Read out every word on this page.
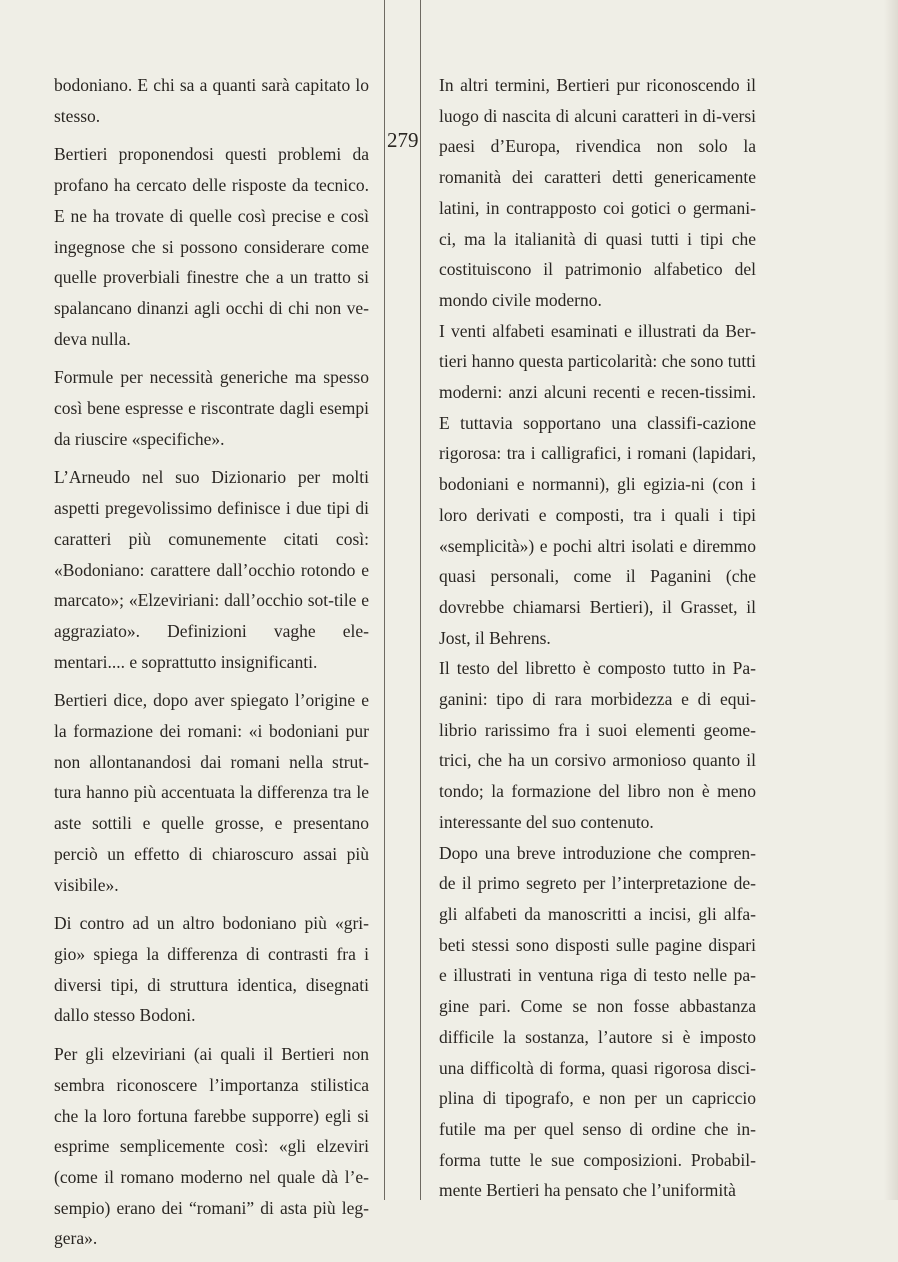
279

bodoniano. E chi sa a quanti sarà capitato lo stesso.

Bertieri proponendosi questi problemi da profano ha cercato delle risposte da tecnico. E ne ha trovate di quelle così precise e così ingegnose che si possono considerare come quelle proverbiali finestre che a un tratto si spalancano dinanzi agli occhi di chi non ve-deva nulla.

Formule per necessità generiche ma spesso così bene espresse e riscontrate dagli esempi da riuscire «specifiche».

L’Arneudo nel suo Dizionario per molti aspetti pregevolissimo definisce i due tipi di caratteri più comunemente citati così: «Bodoniano: carattere dall’occhio rotondo e marcato»; «Elzeviriani: dall’occhio sot-tile e aggraziato». Definizioni vaghe ele-mentari.... e soprattutto insignificanti.

Bertieri dice, dopo aver spiegato l’origine e la formazione dei romani: «i bodoniani pur non allontanandosi dai romani nella strut-tura hanno più accentuata la differenza tra le aste sottili e quelle grosse, e presentano perciò un effetto di chiaroscuro assai più visibile».

Di contro ad un altro bodoniano più «gri-gio» spiega la differenza di contrasti fra i diversi tipi, di struttura identica, disegnati dallo stesso Bodoni.

Per gli elzeviriani (ai quali il Bertieri non sembra riconoscere l’importanza stilistica che la loro fortuna farebbe supporre) egli si esprime semplicemente così: «gli elzeviri (come il romano moderno nel quale dà l’e-sempio) erano dei “romani” di asta più leg-gera».

In altri termini, Bertieri pur riconoscendo il luogo di nascita di alcuni caratteri in di-versi paesi d’Europa, rivendica non solo la romanità dei caratteri detti genericamente latini, in contrapposto coi gotici o germani-ci, ma la italianità di quasi tutti i tipi che costituiscono il patrimonio alfabetico del mondo civile moderno.

I venti alfabeti esaminati e illustrati da Ber-tieri hanno questa particolarità: che sono tutti moderni: anzi alcuni recenti e recen-tissimi. E tuttavia sopportano una classifi-cazione rigorosa: tra i calligrafici, i romani (lapidari, bodoniani e normanni), gli egizia-ni (con i loro derivati e composti, tra i quali i tipi «semplicità») e pochi altri isolati e diremmo quasi personali, come il Paganini (che dovrebbe chiamarsi Bertieri), il Grasset, il Jost, il Behrens.

Il testo del libretto è composto tutto in Pa-ganini: tipo di rara morbidezza e di equi-librio rarissimo fra i suoi elementi geome-trici, che ha un corsivo armonioso quanto il tondo; la formazione del libro non è meno interessante del suo contenuto.

Dopo una breve introduzione che compren-de il primo segreto per l’interpretazione de-gli alfabeti da manoscritti a incisi, gli alfa-beti stessi sono disposti sulle pagine dispari e illustrati in ventuna riga di testo nelle pa-gine pari. Come se non fosse abbastanza difficile la sostanza, l’autore si è imposto una difficoltà di forma, quasi rigorosa disci-plina di tipografo, e non per un capriccio futile ma per quel senso di ordine che in-forma tutte le sue composizioni. Probabil-mente Bertieri ha pensato che l’uniformità
